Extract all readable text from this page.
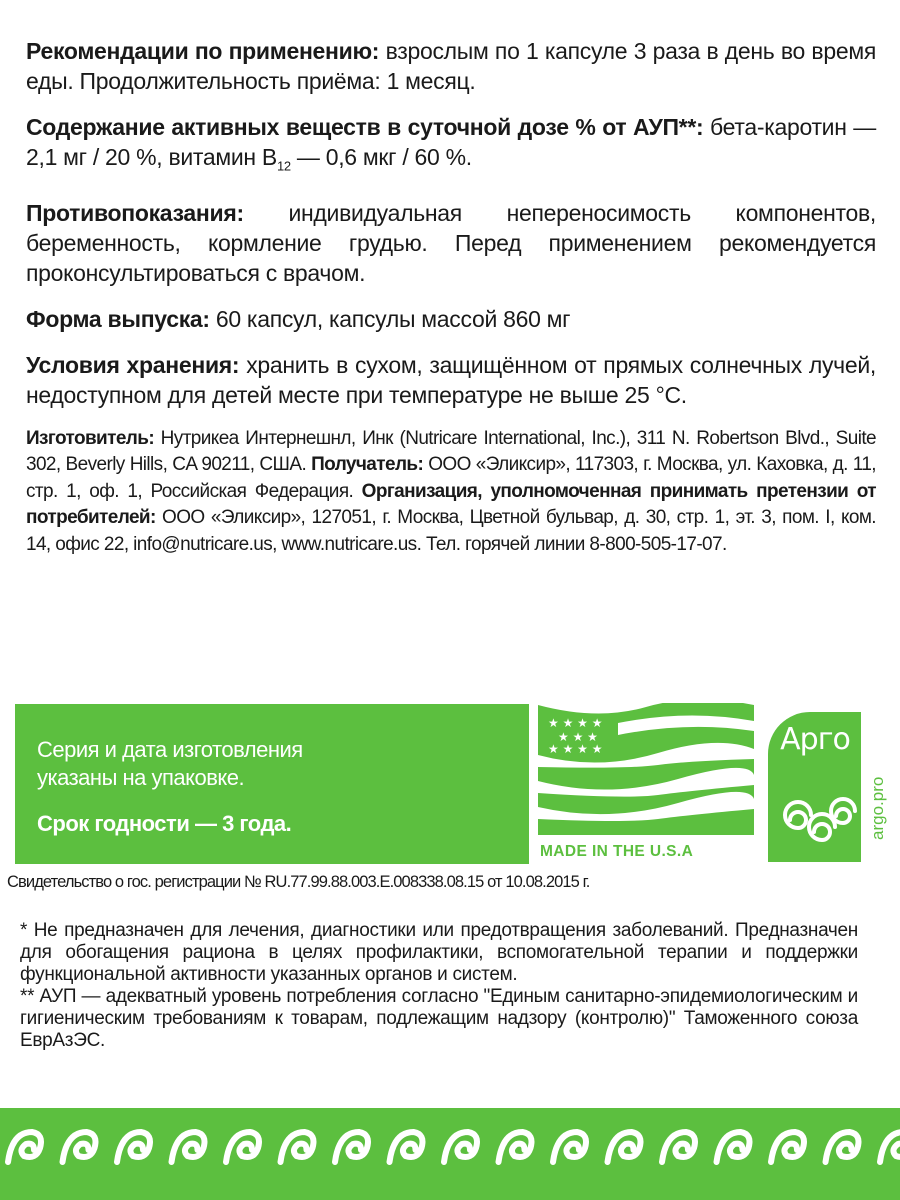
Рекомендации по применению: взрослым по 1 капсуле 3 раза в день во время еды. Продолжительность приёма: 1 месяц.

Содержание активных веществ в суточной дозе % от АУП**: бета-каротин — 2,1 мг / 20 %, витамин $B_{12}$ — 0,6 мкг / 60 %.

Противопоказания: индивидуальная непереносимость компонентов, беременность, кормление грудью. Перед применением рекомендуется проконсультироваться с врачом.

Форма выпуска: 60 капсул, капсулы массой 860 мг

Условия хранения: хранить в сухом, защищённом от прямых солнечных лучей, недоступном для детей месте при температуре не выше 25 °C.

Изготовитель: Нутрикеа Интернешнл, Инк (Nutricare International, Inc.), 311 N. Robertson Blvd., Suite 302, Beverly Hills, CA 90211, США. Получатель: ООО «Эликсир», 117303, г. Москва, ул. Каховка, д. 11, стр. 1, оф. 1, Российская Федерация. Организация, уполномоченная принимать претензии от потребителей: ООО «Эликсир», 127051, г. Москва, Цветной бульвар, д. 30, стр. 1, эт. 3, пом. I, ком. 14, офис 22, info@nutricare.us, www.nutricare.us. Тел. горячей линии 8-800-505-17-07.

Серия и дата изготовления
указаны на упаковке.
Срок годности — 3 года.
★ ★ ★ ★
★ ★ ★
★ ★ ★ ★
MADE IN THE U.S.A
Арго
argo.pro
Свидетельство о гос. регистрации № RU.77.99.88.003.Е.008338.08.15 от 10.08.2015 г.

* Не предназначен для лечения, диагностики или предотвращения заболеваний. Предназначен для обогащения рациона в целях профилактики, вспомогательной терапии и поддержки функциональной активности указанных органов и систем.

** АУП — адекватный уровень потребления согласно "Единым санитарно-эпидемиологическим и гигиеническим требованиям к товарам, подлежащим надзору (контролю)" Таможенного союза ЕврАзЭС.
